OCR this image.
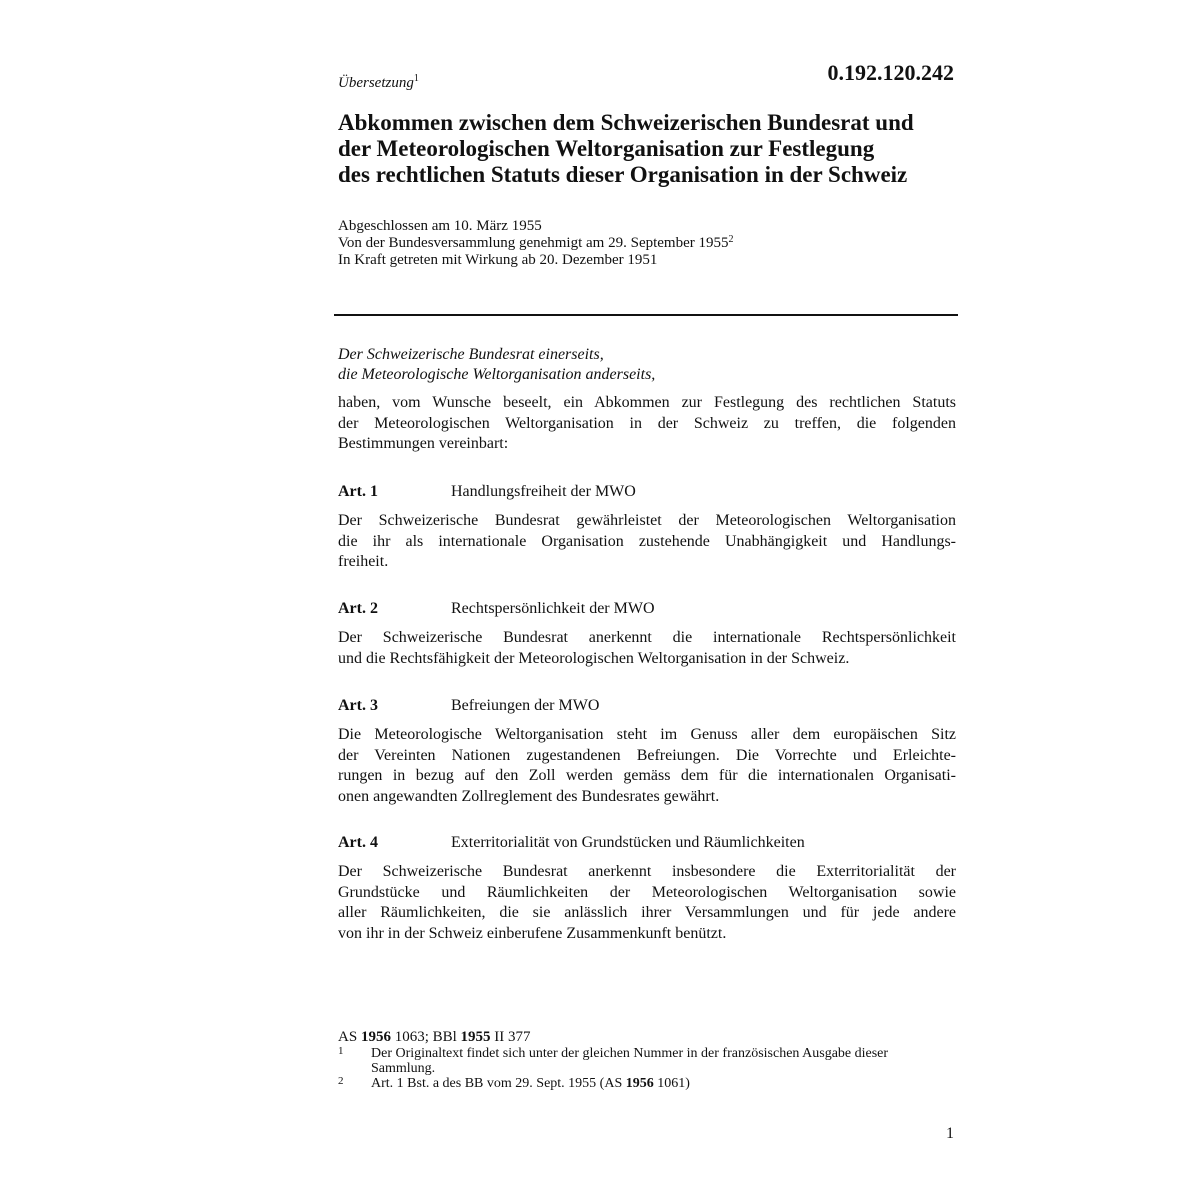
Übersetzung$^1$	0.192.120.242
Abkommen zwischen dem Schweizerischen Bundesrat und
der Meteorologischen Weltorganisation zur Festlegung
des rechtlichen Statuts dieser Organisation in der Schweiz
Abgeschlossen am 10. März 1955
Von der Bundesversammlung genehmigt am 29. September 1955$^2$
In Kraft getreten mit Wirkung ab 20. Dezember 1951
Der Schweizerische Bundesrat einerseits,
die Meteorologische Weltorganisation anderseits,
haben, vom Wunsche beseelt, ein Abkommen zur Festlegung des rechtlichen Statuts
der Meteorologischen Weltorganisation in der Schweiz zu treffen, die folgenden
Bestimmungen vereinbart:
Art. 1	Handlungsfreiheit der MWO
Der Schweizerische Bundesrat gewährleistet der Meteorologischen Weltorganisation
die ihr als internationale Organisation zustehende Unabhängigkeit und Handlungs-
freiheit.
Art. 2	Rechtspersönlichkeit der MWO
Der Schweizerische Bundesrat anerkennt die internationale Rechtspersönlichkeit
und die Rechtsfähigkeit der Meteorologischen Weltorganisation in der Schweiz.
Art. 3	Befreiungen der MWO
Die Meteorologische Weltorganisation steht im Genuss aller dem europäischen Sitz
der Vereinten Nationen zugestandenen Befreiungen. Die Vorrechte und Erleichte-
rungen in bezug auf den Zoll werden gemäss dem für die internationalen Organisati-
onen angewandten Zollreglement des Bundesrates gewährt.
Art. 4	Exterritorialität von Grundstücken und Räumlichkeiten
Der Schweizerische Bundesrat anerkennt insbesondere die Exterritorialität der
Grundstücke und Räumlichkeiten der Meteorologischen Weltorganisation sowie
aller Räumlichkeiten, die sie anlässlich ihrer Versammlungen und für jede andere
von ihr in der Schweiz einberufene Zusammenkunft benützt.
AS 1956 1063; BBl 1955 II 377
1 Der Originaltext findet sich unter der gleichen Nummer in der französischen Ausgabe dieser Sammlung.
2 Art. 1 Bst. a des BB vom 29. Sept. 1955 (AS 1956 1061)
1
